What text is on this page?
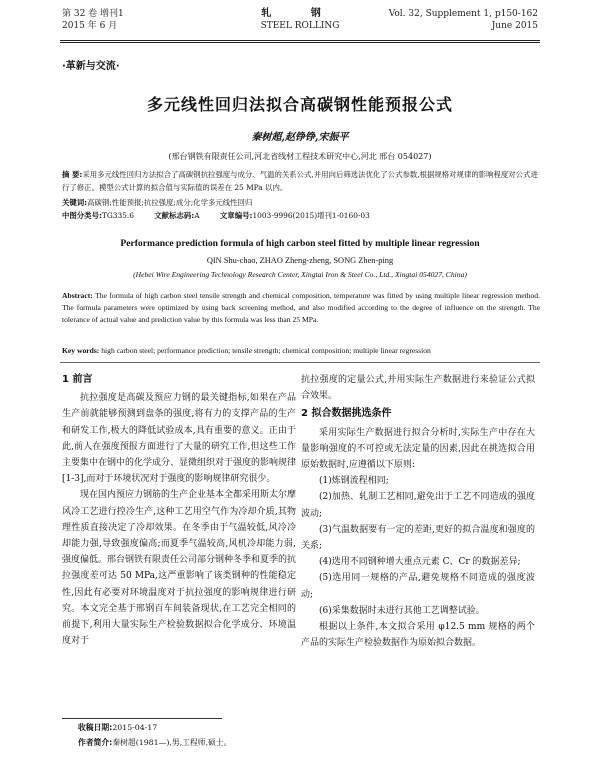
第 32 卷 增刊1
2015 年 6 月
轧 钢
STEEL ROLLING
Vol. 32, Supplement 1, p150-162
June 2015
·革新与交流·
多元线性回归法拟合高碳钢性能预报公式
秦树超,赵铮铮,宋振平
(邢台钢铁有限责任公司,河北省线材工程技术研究中心,河北 邢台 054027)
摘 要:采用多元线性回归方法拟合了高碳钢抗拉强度与成分、气温的关系公式,并用向后筛选法优化了公式参数,根据规格对规律的影响程度对公式进行了修正。模型公式计算的拟合值与实际值的误差在 25 MPa 以内。
关键词:高碳钢;性能预报;抗拉强度;成分;化学多元线性回归
中图分类号:TG335.6	文献标志码:A	文章编号:1003-9996(2015)增刊1-0160-03
Performance prediction formula of high carbon steel fitted by multiple linear regression
QIN Shu-chao, ZHAO Zheng-zheng, SONG Zhen-ping
(Hebei Wire Engineering Technology Research Center, Xingtai Iron & Steel Co., Ltd., Xingtai 054027, China)
Abstract: The formula of high carbon steel tensile strength and chemical composition, temperature was fitted by using multiple linear regression method. The formula parameters were optimized by using back screening method, and also modified according to the degree of influence on the strength. The tolerance of actual value and prediction value by this formula was less than 25 MPa.
Key words: high carbon steel; performance prediction; tensile strength; chemical composition; multiple linear regression
1 前言

抗拉强度是高碳及预应力钢的最关键指标,如果在产品生产前就能够预测到盘条的强度,将有力的支撑产品的生产和研发工作,极大的降低试验成本,具有重要的意义。正由于此,前人在强度预报方面进行了大量的研究工作,但这些工作主要集中在钢中的化学成分、显微组织对于强度的影响规律[1-3],而对于环境状况对于强度的影响规律研究很少。

现在国内预应力钢筋的生产企业基本全都采用斯太尔摩风冷工艺进行控冷生产,这种工艺用空气作为冷却介质,其物理性质直接决定了冷却效果。在冬季由于气温较低,风冷冷却能力强,导致强度偏高;而夏季气温较高,风机冷却能力弱,强度偏低。邢台钢铁有限责任公司部分钢种冬季和夏季的抗拉强度差可达 50 MPa,这严重影响了该类钢种的性能稳定性,因此有必要对环境温度对于抗拉强度的影响规律进行研究。本文完全基于邢钢百车间装备现状,在工艺完全相同的前提下,利用大量实际生产检验数据拟合化学成分、环境温度对于

抗拉强度的定量公式,并用实际生产数据进行来验证公式拟合效果。

2 拟合数据挑选条件

采用实际生产数据进行拟合分析时,实际生产中存在大量影响强度的不可控或无法定量的因素,因此在挑选拟合用原始数据时,应遵循以下原则:

(1)炼钢流程相同;

(2)加热、轧制工艺相同,避免出于工艺不同造成的强度波动;

(3)气温数据要有一定的差距,更好的拟合温度和强度的关系;

(4)选用不同钢种增大重点元素 C、Cr 的数据差异;

(5)选用同一规格的产品,避免规格不同造成的强度波动;

(6)采集数据时未进行其他工艺调整试验。

根据以上条件,本文拟合采用 φ12.5 mm 规格的两个产品的实际生产检验数据作为原始拟合数据。

收稿日期:2015-04-17
作者简介:秦树超(1981—),男,工程师,硕士。
